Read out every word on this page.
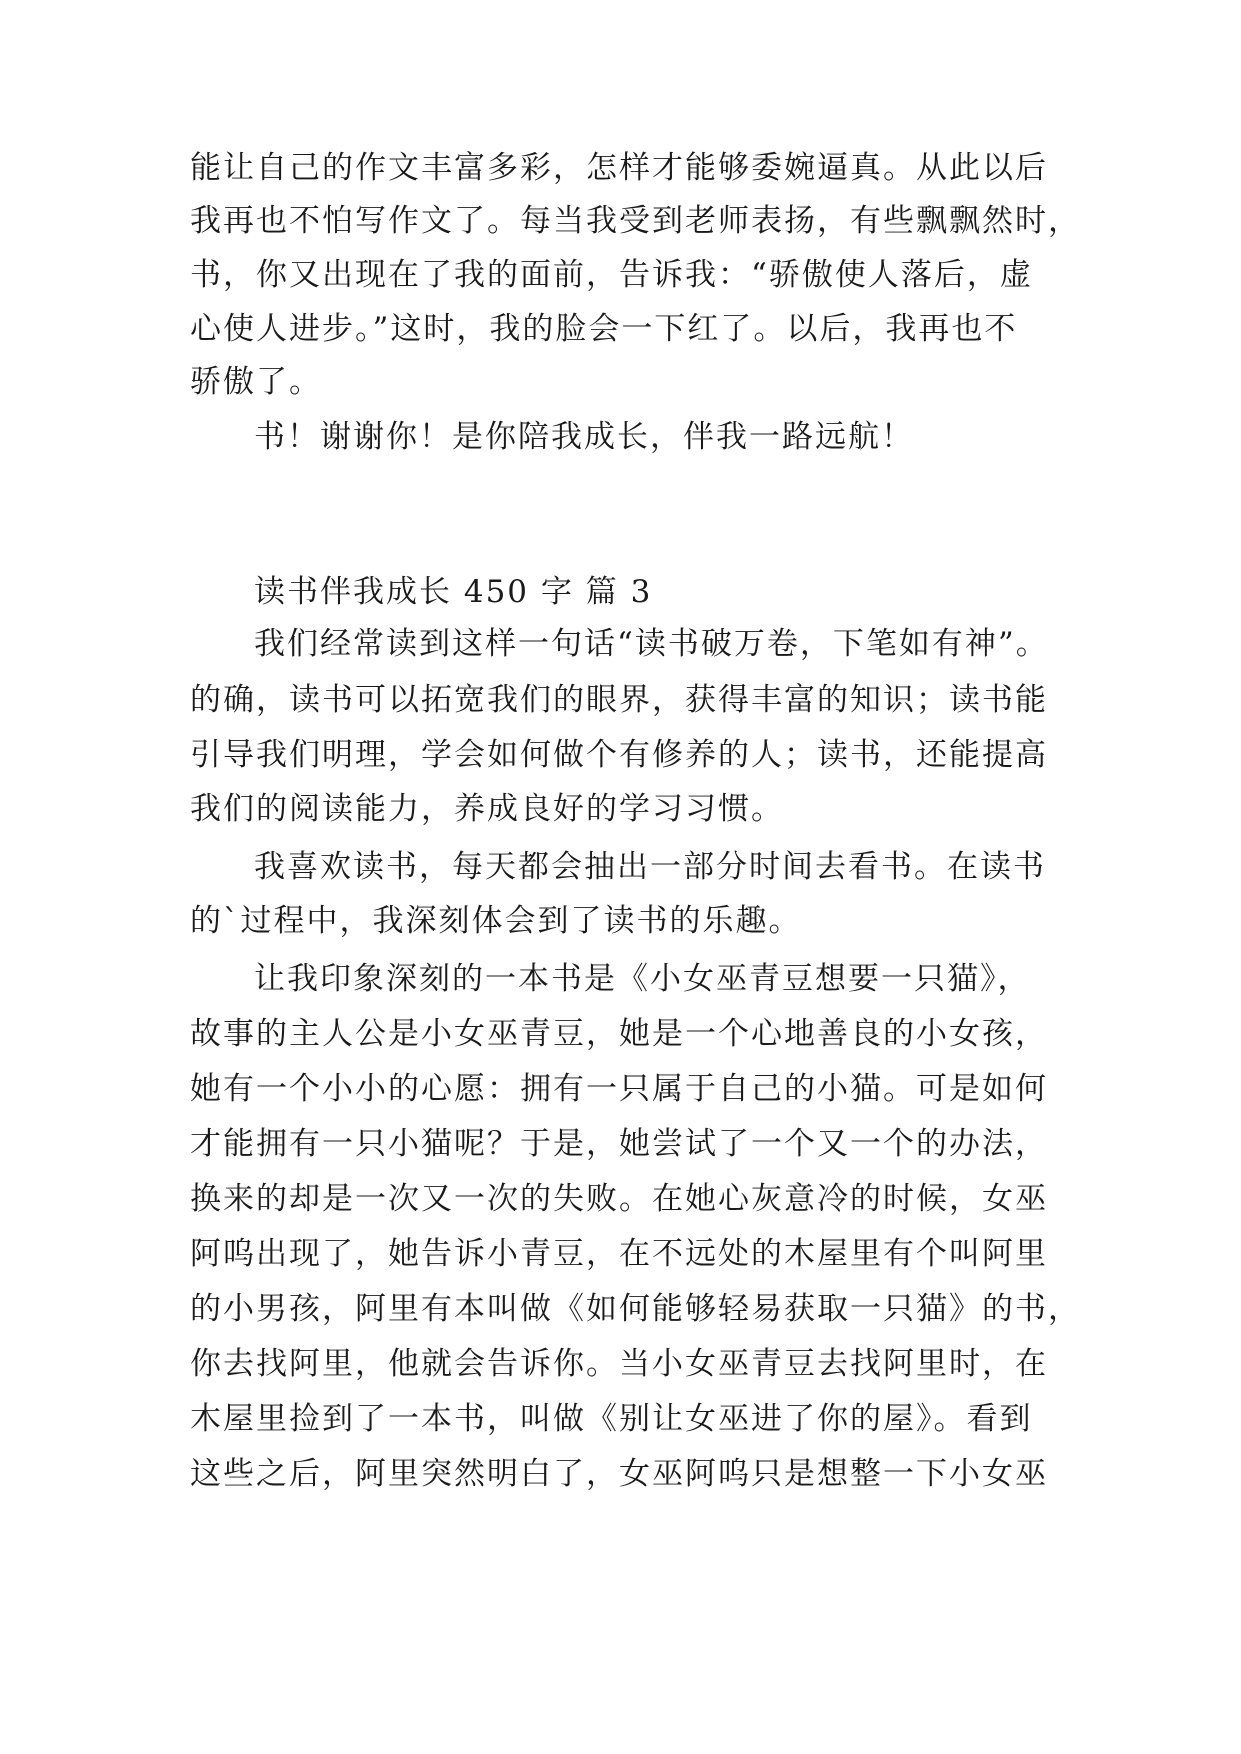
能让自己的作文丰富多彩，怎样才能够委婉逼真。从此以后
我再也不怕写作文了。每当我受到老师表扬，有些飘飘然时，
书，你又出现在了我的面前，告诉我：“骄傲使人落后，虚
心使人进步。”这时，我的脸会一下红了。以后，我再也不
骄傲了。
书！谢谢你！是你陪我成长，伴我一路远航！
读书伴我成长 450 字 篇 3
我们经常读到这样一句话“读书破万卷，下笔如有神”。
的确，读书可以拓宽我们的眼界，获得丰富的知识；读书能
引导我们明理，学会如何做个有修养的人；读书，还能提高
我们的阅读能力，养成良好的学习习惯。
我喜欢读书，每天都会抽出一部分时间去看书。在读书
的`过程中，我深刻体会到了读书的乐趣。
让我印象深刻的一本书是《小女巫青豆想要一只猫》，
故事的主人公是小女巫青豆，她是一个心地善良的小女孩，
她有一个小小的心愿：拥有一只属于自己的小猫。可是如何
才能拥有一只小猫呢？于是，她尝试了一个又一个的办法，
换来的却是一次又一次的失败。在她心灰意冷的时候，女巫
阿呜出现了，她告诉小青豆，在不远处的木屋里有个叫阿里
的小男孩，阿里有本叫做《如何能够轻易获取一只猫》的书，
你去找阿里，他就会告诉你。当小女巫青豆去找阿里时，在
木屋里捡到了一本书，叫做《别让女巫进了你的屋》。看到
这些之后，阿里突然明白了，女巫阿呜只是想整一下小女巫
